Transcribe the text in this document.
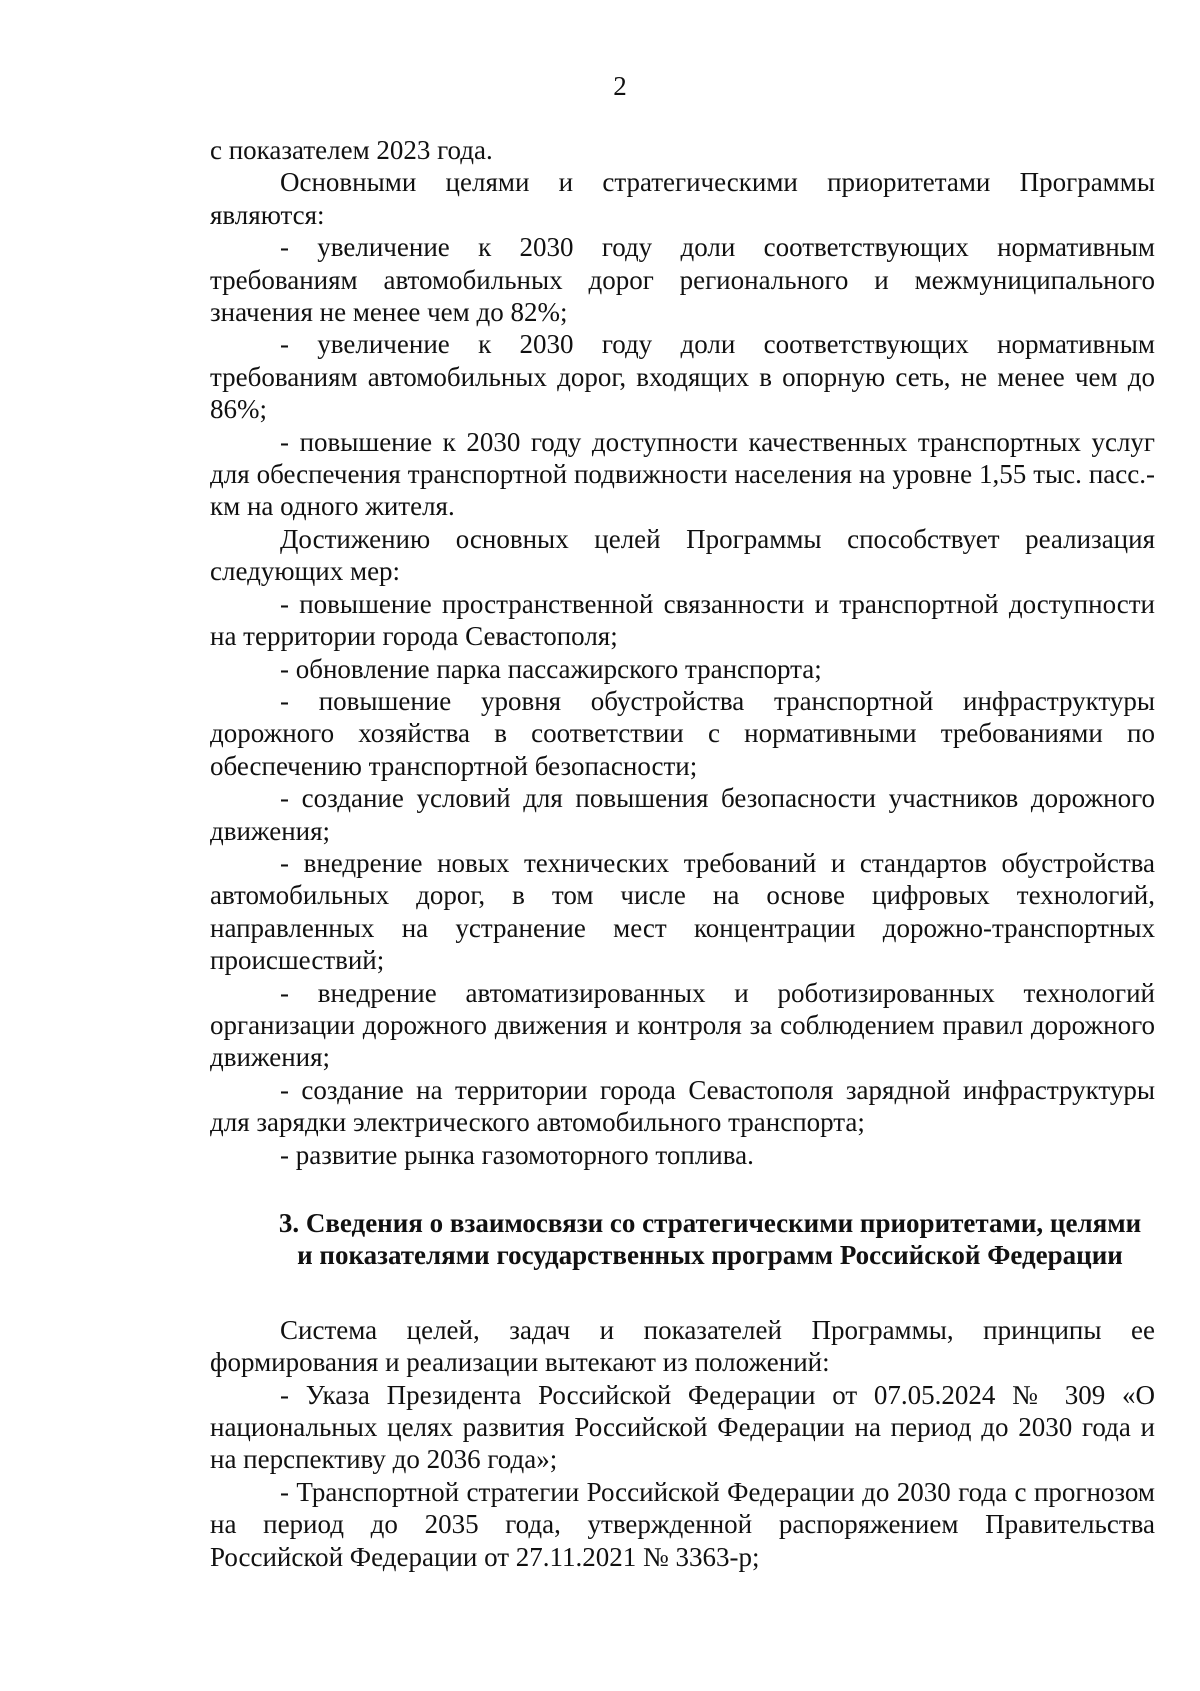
2

с показателем 2023 года.

Основными целями и стратегическими приоритетами Программы являются:

- увеличение к 2030 году доли соответствующих нормативным требованиям автомобильных дорог регионального и межмуниципального значения не менее чем до 82%;

- увеличение к 2030 году доли соответствующих нормативным требованиям автомобильных дорог, входящих в опорную сеть, не менее чем до 86%;

- повышение к 2030 году доступности качественных транспортных услуг для обеспечения транспортной подвижности населения на уровне 1,55 тыс. пасс.-км на одного жителя.

Достижению основных целей Программы способствует реализация следующих мер:

- повышение пространственной связанности и транспортной доступности на территории города Севастополя;

- обновление парка пассажирского транспорта;

- повышение уровня обустройства транспортной инфраструктуры дорожного хозяйства в соответствии с нормативными требованиями по обеспечению транспортной безопасности;

- создание условий для повышения безопасности участников дорожного движения;

- внедрение новых технических требований и стандартов обустройства автомобильных дорог, в том числе на основе цифровых технологий, направленных на устранение мест концентрации дорожно-транспортных происшествий;

- внедрение автоматизированных и роботизированных технологий организации дорожного движения и контроля за соблюдением правил дорожного движения;

- создание на территории города Севастополя зарядной инфраструктуры для зарядки электрического автомобильного транспорта;

- развитие рынка газомоторного топлива.

3. Сведения о взаимосвязи со стратегическими приоритетами, целями
и показателями государственных программ Российской Федерации

Система целей, задач и показателей Программы, принципы ее формирования и реализации вытекают из положений:

- Указа Президента Российской Федерации от 07.05.2024 № 309 «О национальных целях развития Российской Федерации на период до 2030 года и на перспективу до 2036 года»;

- Транспортной стратегии Российской Федерации до 2030 года с прогнозом на период до 2035 года, утвержденной распоряжением Правительства Российской Федерации от 27.11.2021 № 3363-р;
